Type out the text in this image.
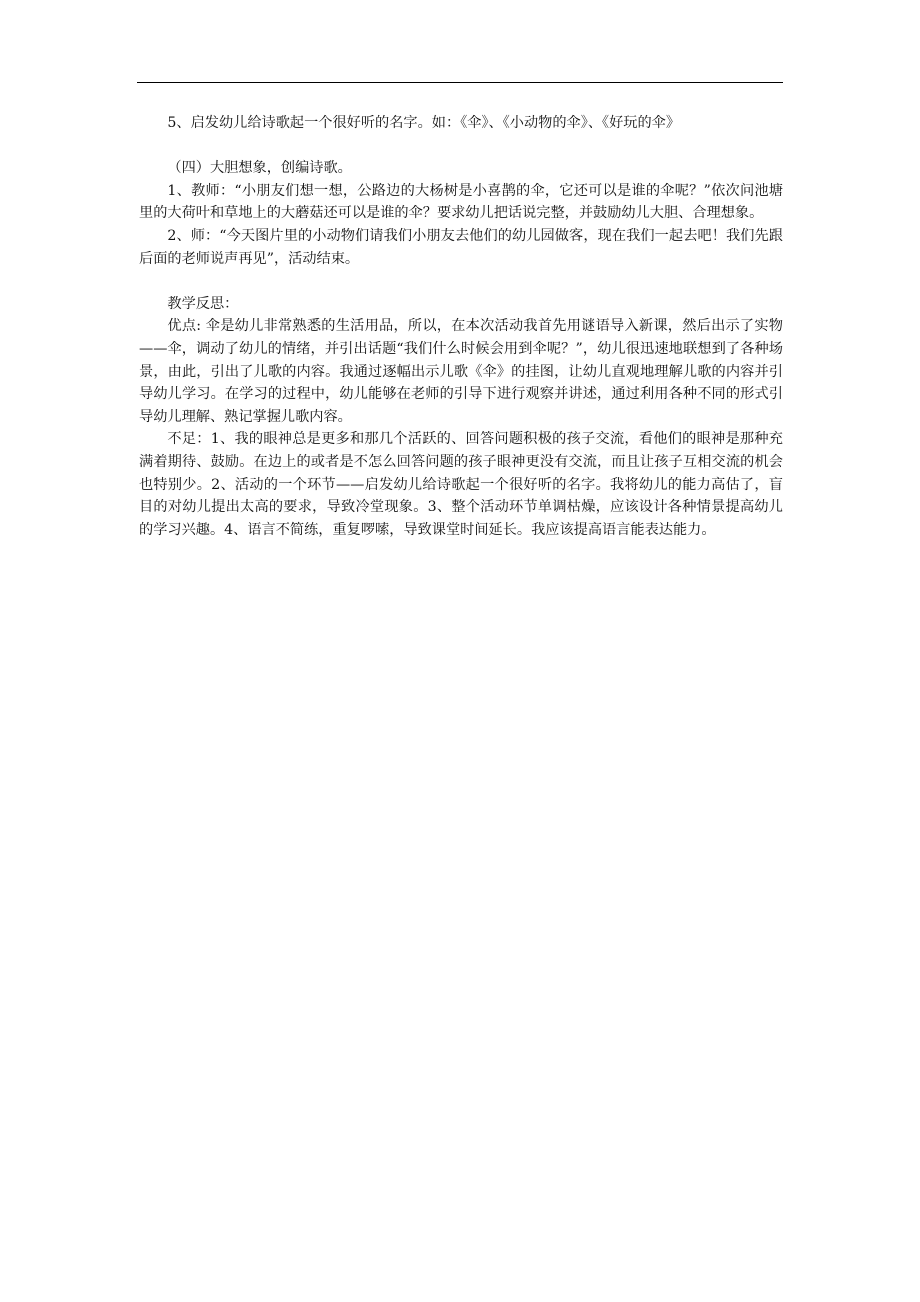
5、启发幼儿给诗歌起一个很好听的名字。如：《伞》、《小动物的伞》、《好玩的伞》

（四）大胆想象，创编诗歌。

1、教师：“小朋友们想一想，公路边的大杨树是小喜鹊的伞，它还可以是谁的伞呢？”依次问池塘里的大荷叶和草地上的大蘑菇还可以是谁的伞？要求幼儿把话说完整，并鼓励幼儿大胆、合理想象。

2、师：“今天图片里的小动物们请我们小朋友去他们的幼儿园做客，现在我们一起去吧！我们先跟后面的老师说声再见”，活动结束。

教学反思：

优点: 伞是幼儿非常熟悉的生活用品，所以，在本次活动我首先用谜语导入新课，然后出示了实物——伞，调动了幼儿的情绪，并引出话题“我们什么时候会用到伞呢？”，幼儿很迅速地联想到了各种场景，由此，引出了儿歌的内容。我通过逐幅出示儿歌《伞》的挂图，让幼儿直观地理解儿歌的内容并引导幼儿学习。在学习的过程中，幼儿能够在老师的引导下进行观察并讲述，通过利用各种不同的形式引导幼儿理解、熟记掌握儿歌内容。

不足：1、我的眼神总是更多和那几个活跃的、回答问题积极的孩子交流，看他们的眼神是那种充满着期待、鼓励。在边上的或者是不怎么回答问题的孩子眼神更没有交流，而且让孩子互相交流的机会也特别少。2、活动的一个环节——启发幼儿给诗歌起一个很好听的名字。我将幼儿的能力高估了，盲目的对幼儿提出太高的要求，导致冷堂现象。3、整个活动环节单调枯燥，应该设计各种情景提高幼儿的学习兴趣。4、语言不简练，重复啰嗦，导致课堂时间延长。我应该提高语言能表达能力。
